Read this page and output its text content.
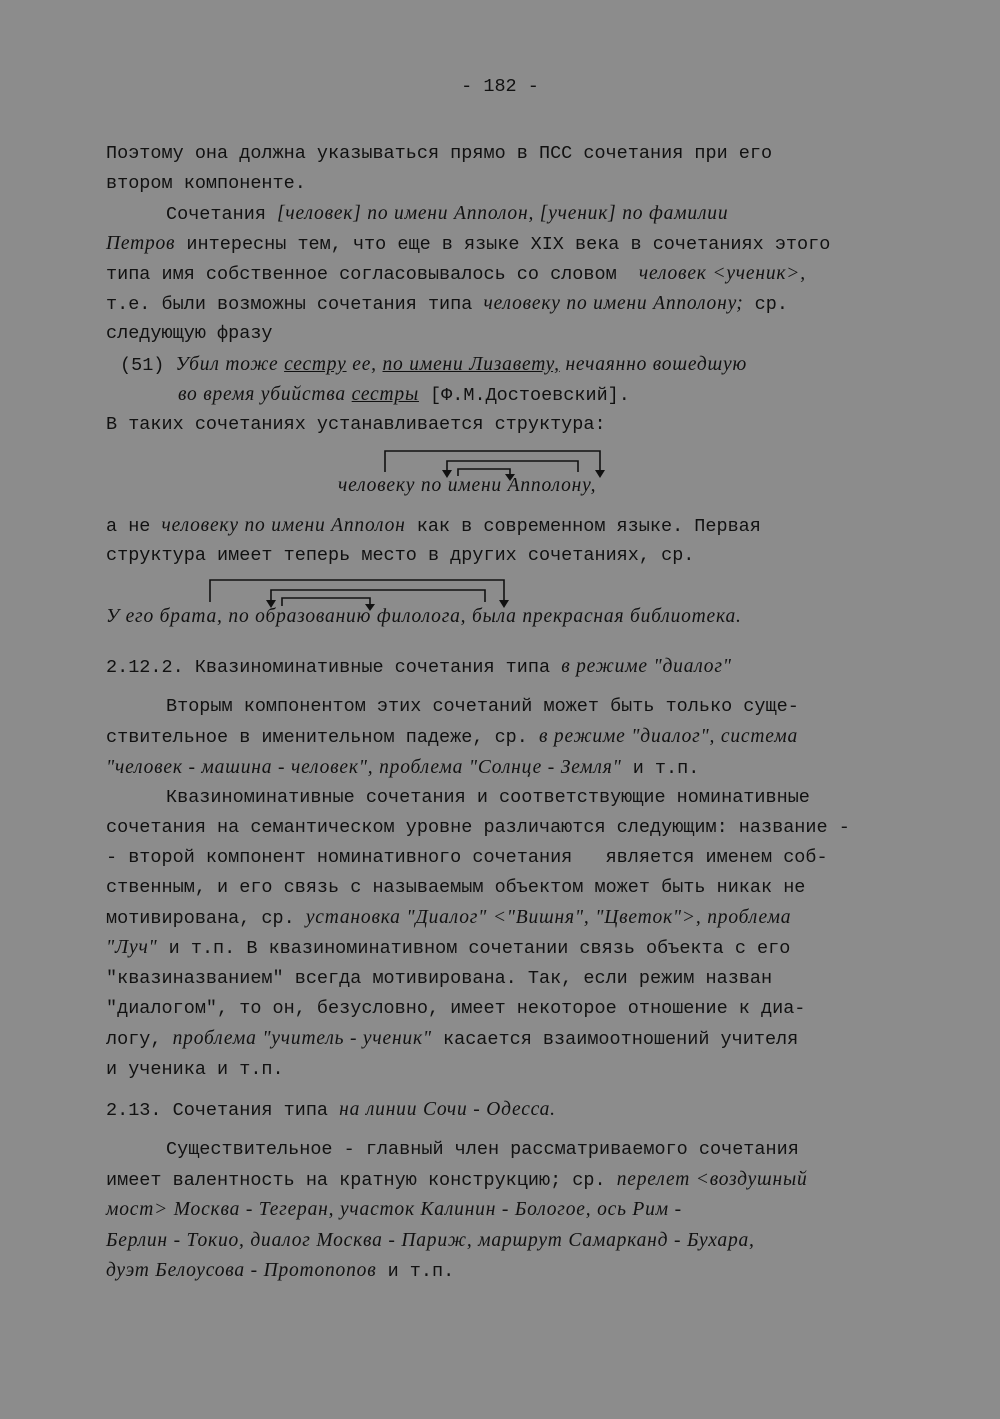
- 182 -
Поэтому она должна указываться прямо в ПСС сочетания при его
втором компоненте.
Сочетания [человек] по имени Апполон, [ученик] по фамилии
Петров интересны тем, что еще в языке XIX века в сочетаниях этого
типа имя собственное согласовывалось со словом  человек <ученик>,
т.е. были возможны сочетания типа человеку по имени Апполону; ср.
следующую фразу
(51) Убил тоже сестру ее, по имени Лизавету, нечаянно вошедшую
во время убийства сестры [Ф.М.Достоевский].
В таких сочетаниях устанавливается структура:
человеку по имени Апполону,
а не человеку по имени Апполон как в современном языке. Первая
структура имеет теперь место в других сочетаниях, ср.
У его брата, по образованию филолога, была прекрасная библиотека.
2.12.2. Квазиноминативные сочетания типа в режиме "диалог"
Вторым компонентом этих сочетаний может быть только суще-
ствительное в именительном падеже, ср. в режиме "диалог", система
"человек - машина - человек", проблема "Солнце - Земля" и т.п.
Квазиноминативные сочетания и соответствующие номинативные
сочетания на семантическом уровне различаются следующим: название -
- второй компонент номинативного сочетания   является именем соб-
ственным, и его связь с называемым объектом может быть никак не
мотивирована, ср. установка "Диалог" <"Вишня", "Цветок">, проблема
"Луч" и т.п. В квазиноминативном сочетании связь объекта с его
"квазиназванием" всегда мотивирована. Так, если режим назван
"диалогом", то он, безусловно, имеет некоторое отношение к диа-
логу, проблема "учитель - ученик" касается взаимоотношений учителя
и ученика и т.п.
2.13. Сочетания типа на линии Сочи - Одесса.
Существительное - главный член рассматриваемого сочетания
имеет валентность на кратную конструкцию; ср. перелет <воздушный
мост> Москва - Тегеран, участок Калинин - Бологое, ось Рим -
Берлин - Токио, диалог Москва - Париж, маршрут Самарканд - Бухара,
дуэт Белоусова - Протопопов и т.п.
